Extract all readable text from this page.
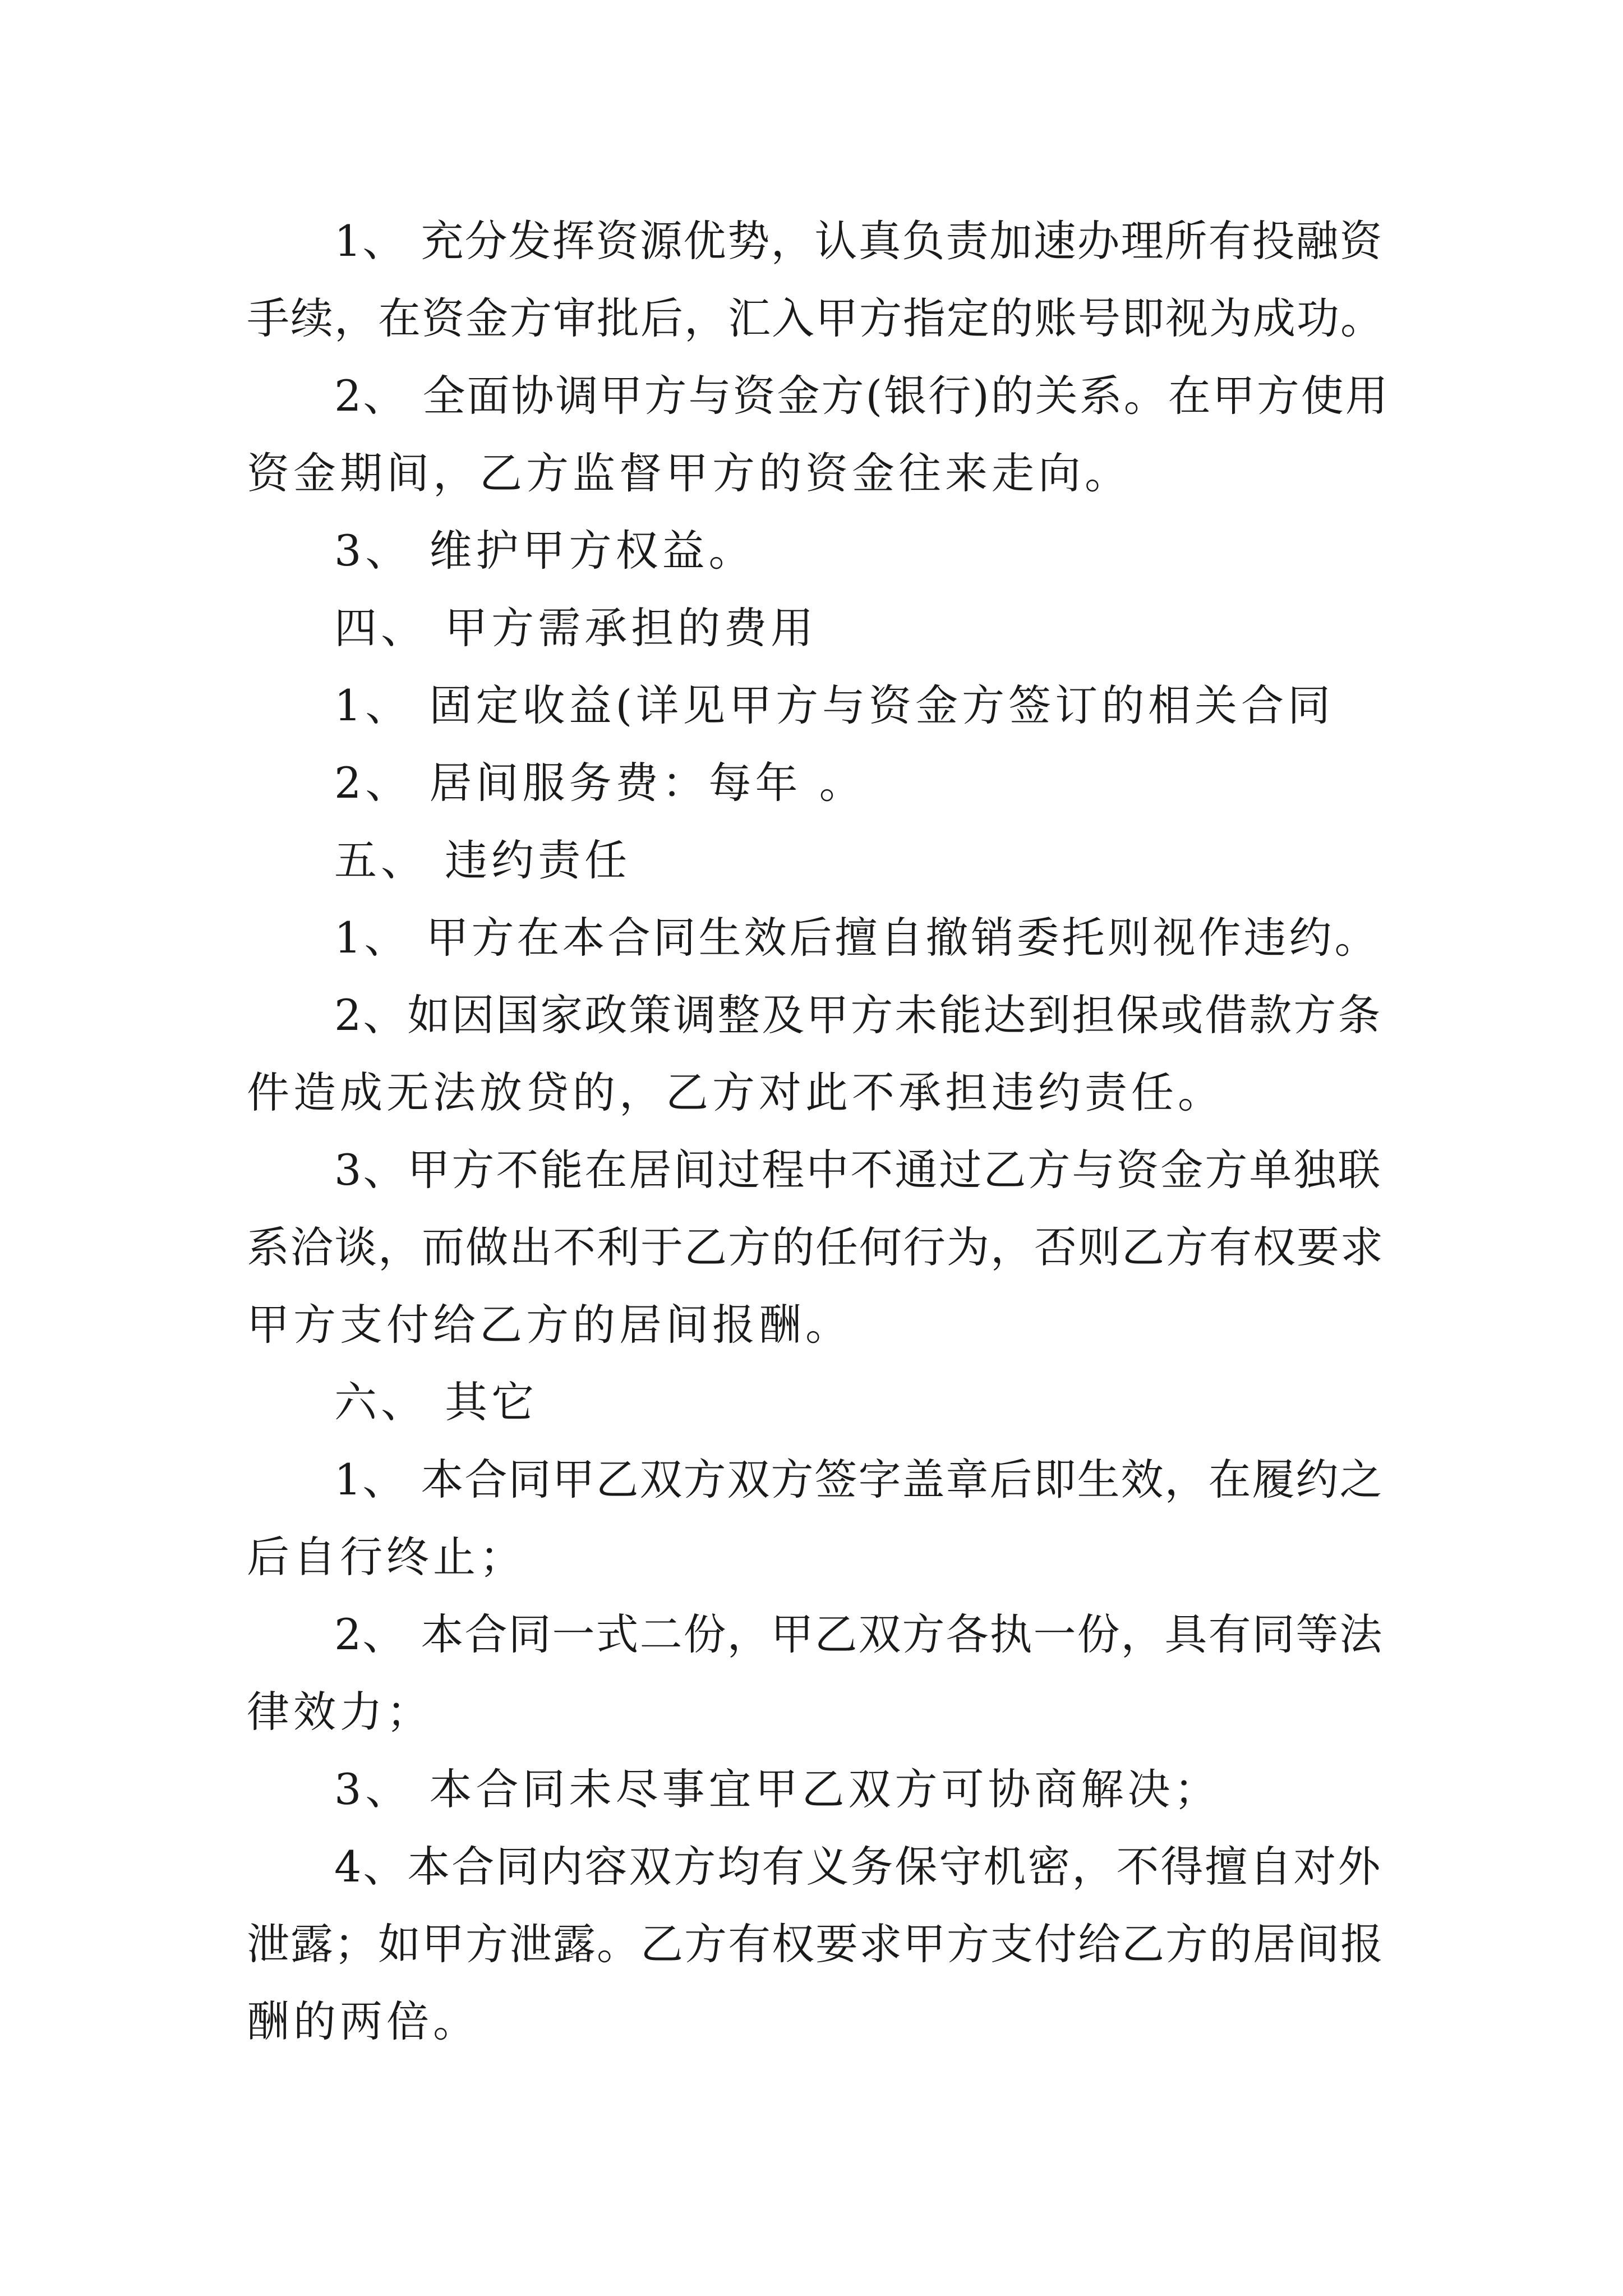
1、 充分发挥资源优势，认真负责加速办理所有投融资

手续，在资金方审批后，汇入甲方指定的账号即视为成功。

2、 全面协调甲方与资金方(银行)的关系。在甲方使用

资金期间，乙方监督甲方的资金往来走向。

3、 维护甲方权益。

四、 甲方需承担的费用

1、 固定收益(详见甲方与资金方签订的相关合同

2、 居间服务费：每年 。

五、 违约责任

1、 甲方在本合同生效后擅自撤销委托则视作违约。

2、如因国家政策调整及甲方未能达到担保或借款方条

件造成无法放贷的，乙方对此不承担违约责任。

3、甲方不能在居间过程中不通过乙方与资金方单独联

系洽谈，而做出不利于乙方的任何行为，否则乙方有权要求

甲方支付给乙方的居间报酬。

六、 其它

1、 本合同甲乙双方双方签字盖章后即生效，在履约之

后自行终止；

2、 本合同一式二份，甲乙双方各执一份，具有同等法

律效力；

3、 本合同未尽事宜甲乙双方可协商解决；

4、本合同内容双方均有义务保守机密，不得擅自对外

泄露；如甲方泄露。乙方有权要求甲方支付给乙方的居间报

酬的两倍。
